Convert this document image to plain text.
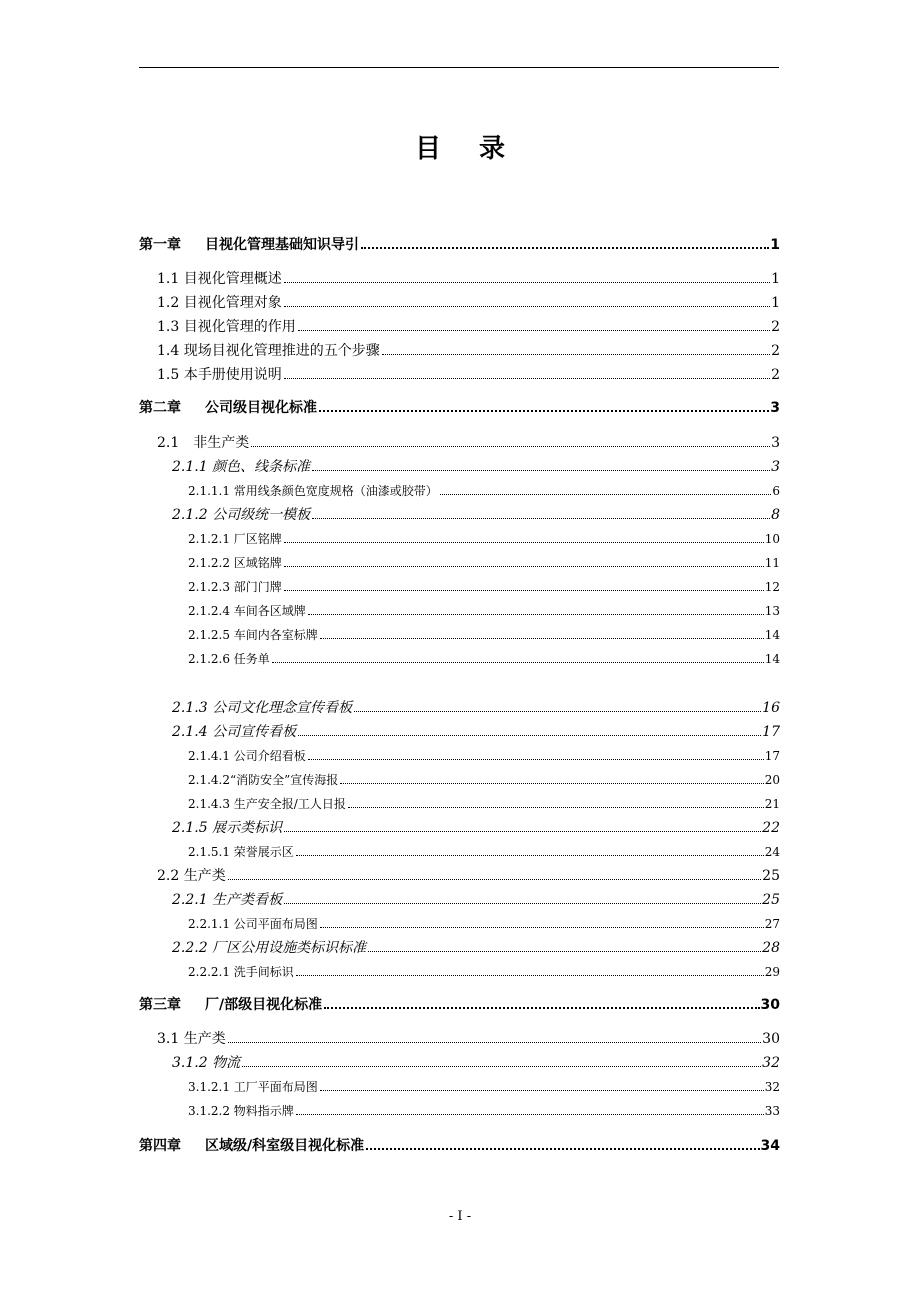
目录
第一章 目视化管理基础知识导引	1
1.1 目视化管理概述	1
1.2 目视化管理对象	1
1.3 目视化管理的作用	2
1.4 现场目视化管理推进的五个步骤	2
1.5 本手册使用说明	2
第二章 公司级目视化标准	3
2.1　非生产类	3
2.1.1 颜色、线条标准	3
2.1.1.1 常用线条颜色宽度规格（油漆或胶带）	6
2.1.2 公司级统一模板	8
2.1.2.1 厂区铭牌	10
2.1.2.2 区域铭牌	11
2.1.2.3 部门门牌	12
2.1.2.4 车间各区域牌	13
2.1.2.5 车间内各室标牌	14
2.1.2.6 任务单	14
2.1.3 公司文化理念宣传看板	16
2.1.4 公司宣传看板	17
2.1.4.1 公司介绍看板	17
2.1.4.2“消防安全”宣传海报	20
2.1.4.3 生产安全报/工人日报	21
2.1.5 展示类标识	22
2.1.5.1 荣誉展示区	24
2.2 生产类	25
2.2.1 生产类看板	25
2.2.1.1 公司平面布局图	27
2.2.2 厂区公用设施类标识标准	28
2.2.2.1 洗手间标识	29
第三章 厂/部级目视化标准	30
3.1 生产类	30
3.1.2 物流	32
3.1.2.1 工厂平面布局图	32
3.1.2.2 物料指示牌	33
第四章 区域级/科室级目视化标准	34
- I -
